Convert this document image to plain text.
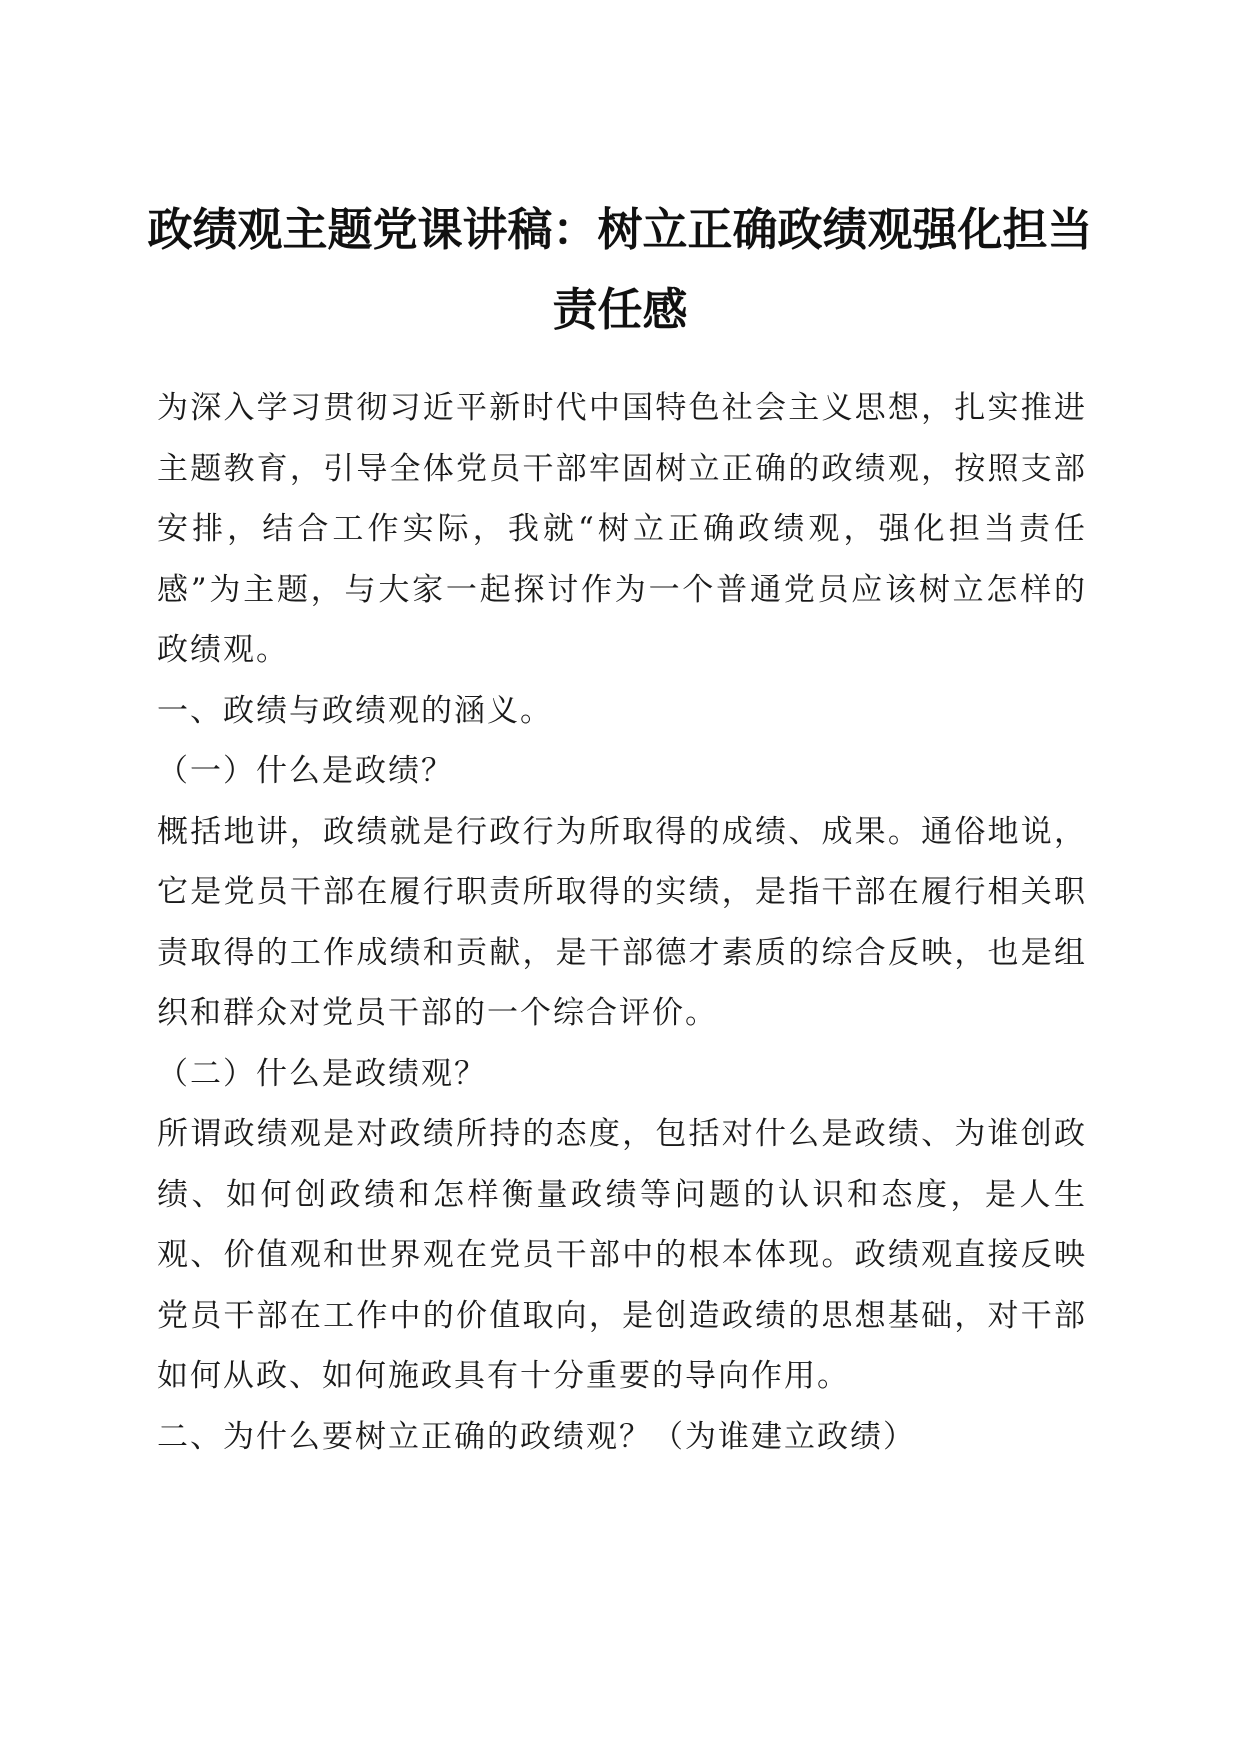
政绩观主题党课讲稿：树立正确政绩观强化担当责任感

为深入学习贯彻习近平新时代中国特色社会主义思想，扎实推进主题教育，引导全体党员干部牢固树立正确的政绩观，按照支部安排，结合工作实际，我就“树立正确政绩观，强化担当责任感”为主题，与大家一起探讨作为一个普通党员应该树立怎样的政绩观。

一、政绩与政绩观的涵义。

（一）什么是政绩？

概括地讲，政绩就是行政行为所取得的成绩、成果。通俗地说，它是党员干部在履行职责所取得的实绩，是指干部在履行相关职责取得的工作成绩和贡献，是干部德才素质的综合反映，也是组织和群众对党员干部的一个综合评价。

（二）什么是政绩观？

所谓政绩观是对政绩所持的态度，包括对什么是政绩、为谁创政绩、如何创政绩和怎样衡量政绩等问题的认识和态度，是人生观、价值观和世界观在党员干部中的根本体现。政绩观直接反映党员干部在工作中的价值取向，是创造政绩的思想基础，对干部如何从政、如何施政具有十分重要的导向作用。

二、为什么要树立正确的政绩观？（为谁建立政绩）
